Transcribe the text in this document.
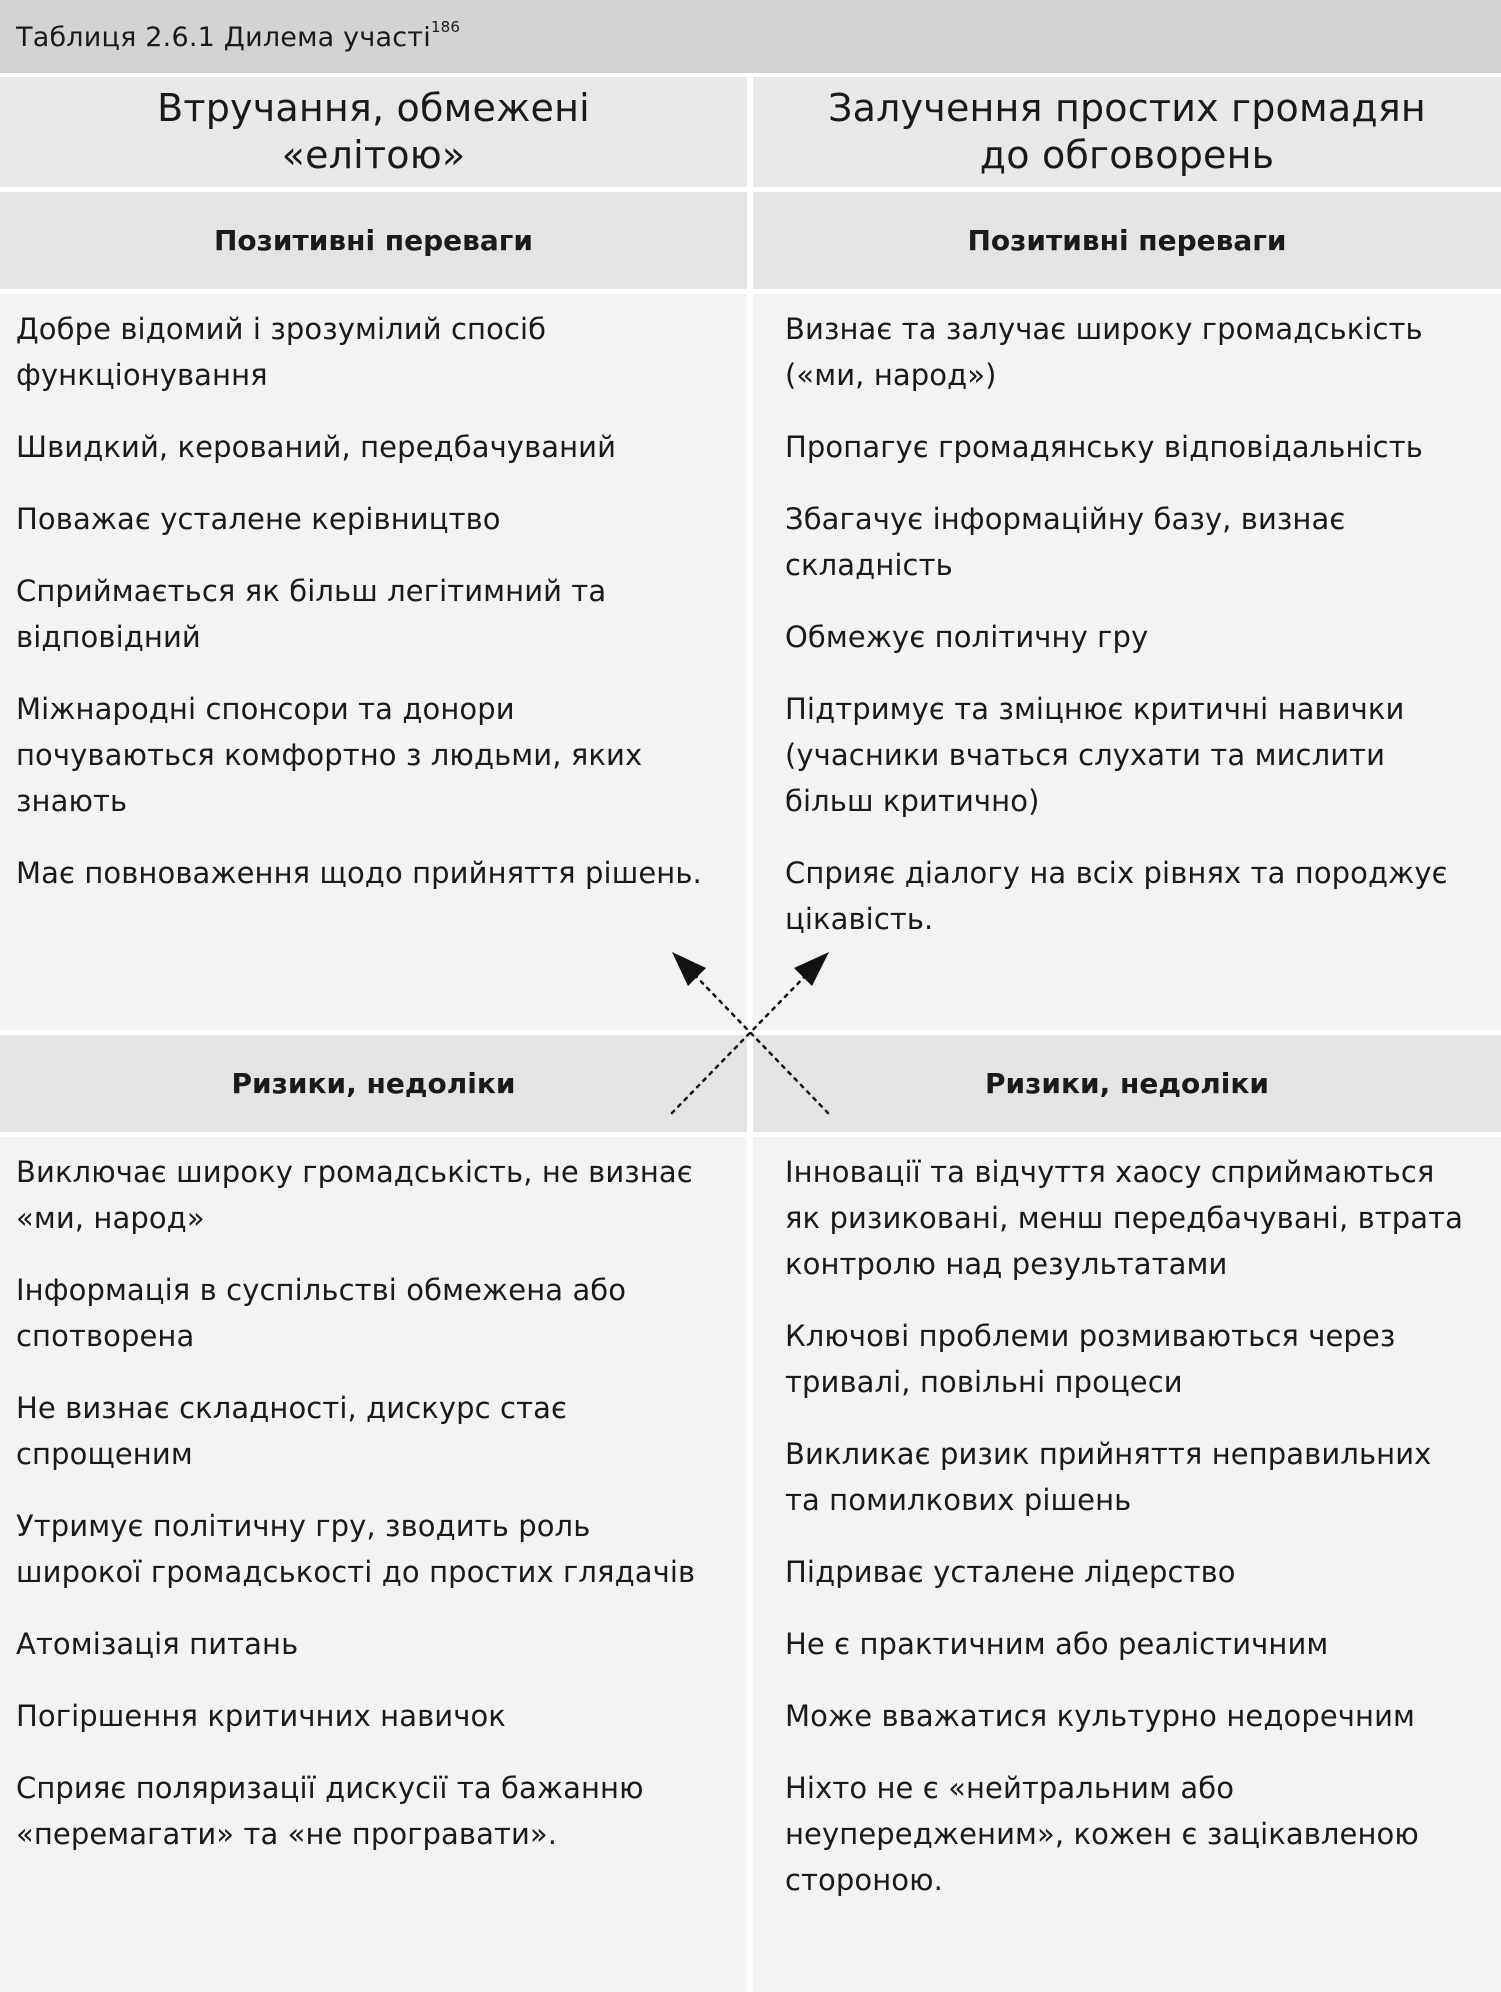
Таблиця 2.6.1 Дилема участі$^{186}$
Втручання, обмежені «елітою»
Залучення простих громадян до обговорень
Позитивні переваги	Позитивні переваги

Добре відомий і зрозумілий спосіб функціонування

Швидкий, керований, передбачуваний

Поважає усталене керівництво

Сприймається як більш легітимний та відповідний

Міжнародні спонсори та донори почуваються комфортно з людьми, яких знають

Має повноваження щодо прийняття рішень.

Визнає та залучає широку громадськість («ми, народ»)

Пропагує громадянську відповідальність

Збагачує інформаційну базу, визнає складність

Обмежує політичну гру

Підтримує та зміцнює критичні навички (учасники вчаться слухати та мислити більш критично)

Сприяє діалогу на всіх рівнях та породжує цікавість.

Ризики, недоліки	Ризики, недоліки

Виключає широку громадськість, не визнає «ми, народ»

Інформація в суспільстві обмежена або спотворена

Не визнає складності, дискурс стає спрощеним

Утримує політичну гру, зводить роль широкої громадськості до простих глядачів

Атомізація питань

Погіршення критичних навичок

Сприяє поляризації дискусії та бажанню «перемагати» та «не програвати».

Інновації та відчуття хаосу сприймаються як ризиковані, менш передбачувані, втрата контролю над результатами

Ключові проблеми розмиваються через тривалі, повільні процеси

Викликає ризик прийняття неправильних та помилкових рішень

Підриває усталене лідерство

Не є практичним або реалістичним

Може вважатися культурно недоречним

Ніхто не є «нейтральним або неупередженим», кожен є зацікавленою стороною.
